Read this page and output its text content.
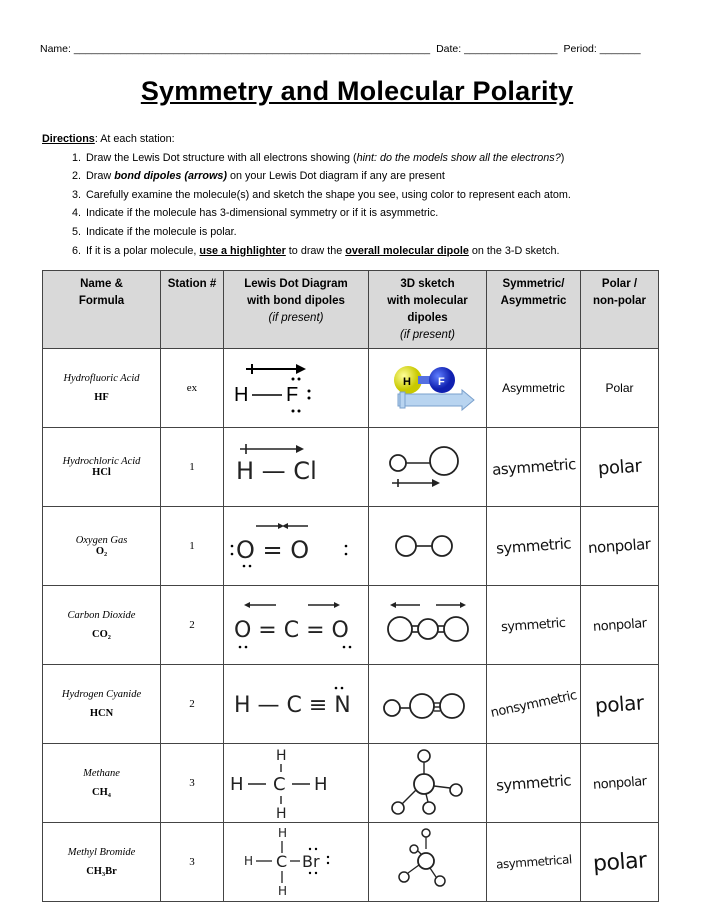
Name: _____________________________________________________________ Date: ________________ Period: _______
Symmetry and Molecular Polarity
Directions: At each station:
1. Draw the Lewis Dot structure with all electrons showing (hint: do the models show all the electrons?)
2. Draw bond dipoles (arrows) on your Lewis Dot diagram if any are present
3. Carefully examine the molecule(s) and sketch the shape you see, using color to represent each atom.
4. Indicate if the molecule has 3-dimensional symmetry or if it is asymmetric.
5. Indicate if the molecule is polar.
6. If it is a polar molecule, use a highlighter to draw the overall molecular dipole on the 3-D sketch.
Name &
Formula	Station #	Lewis Dot Diagram
with bond dipoles
(if present)	3D sketch
with molecular
dipoles
(if present)	Symmetric/
Asymmetric	Polar /
non-polar

Hydrofluoric Acid
HF	ex	H F	H F	Asymmetric	Polar

Hydrochloric Acid
HCl	1	H — Cl		asymmetric	polar

Oxygen Gas
O₂	1	O = O		symmetric	nonpolar

Carbon Dioxide
CO₂	2	O = C = O		symmetric	nonpolar

Hydrogen Cyanide
HCN	2	H — C ≡ N		nonsymmetric	polar

Methane
CH₄	3	H
H C H
H		symmetric	nonpolar

Methyl Bromide
CH₃Br	3	H
H C Br
H		asymmetrical	polar
